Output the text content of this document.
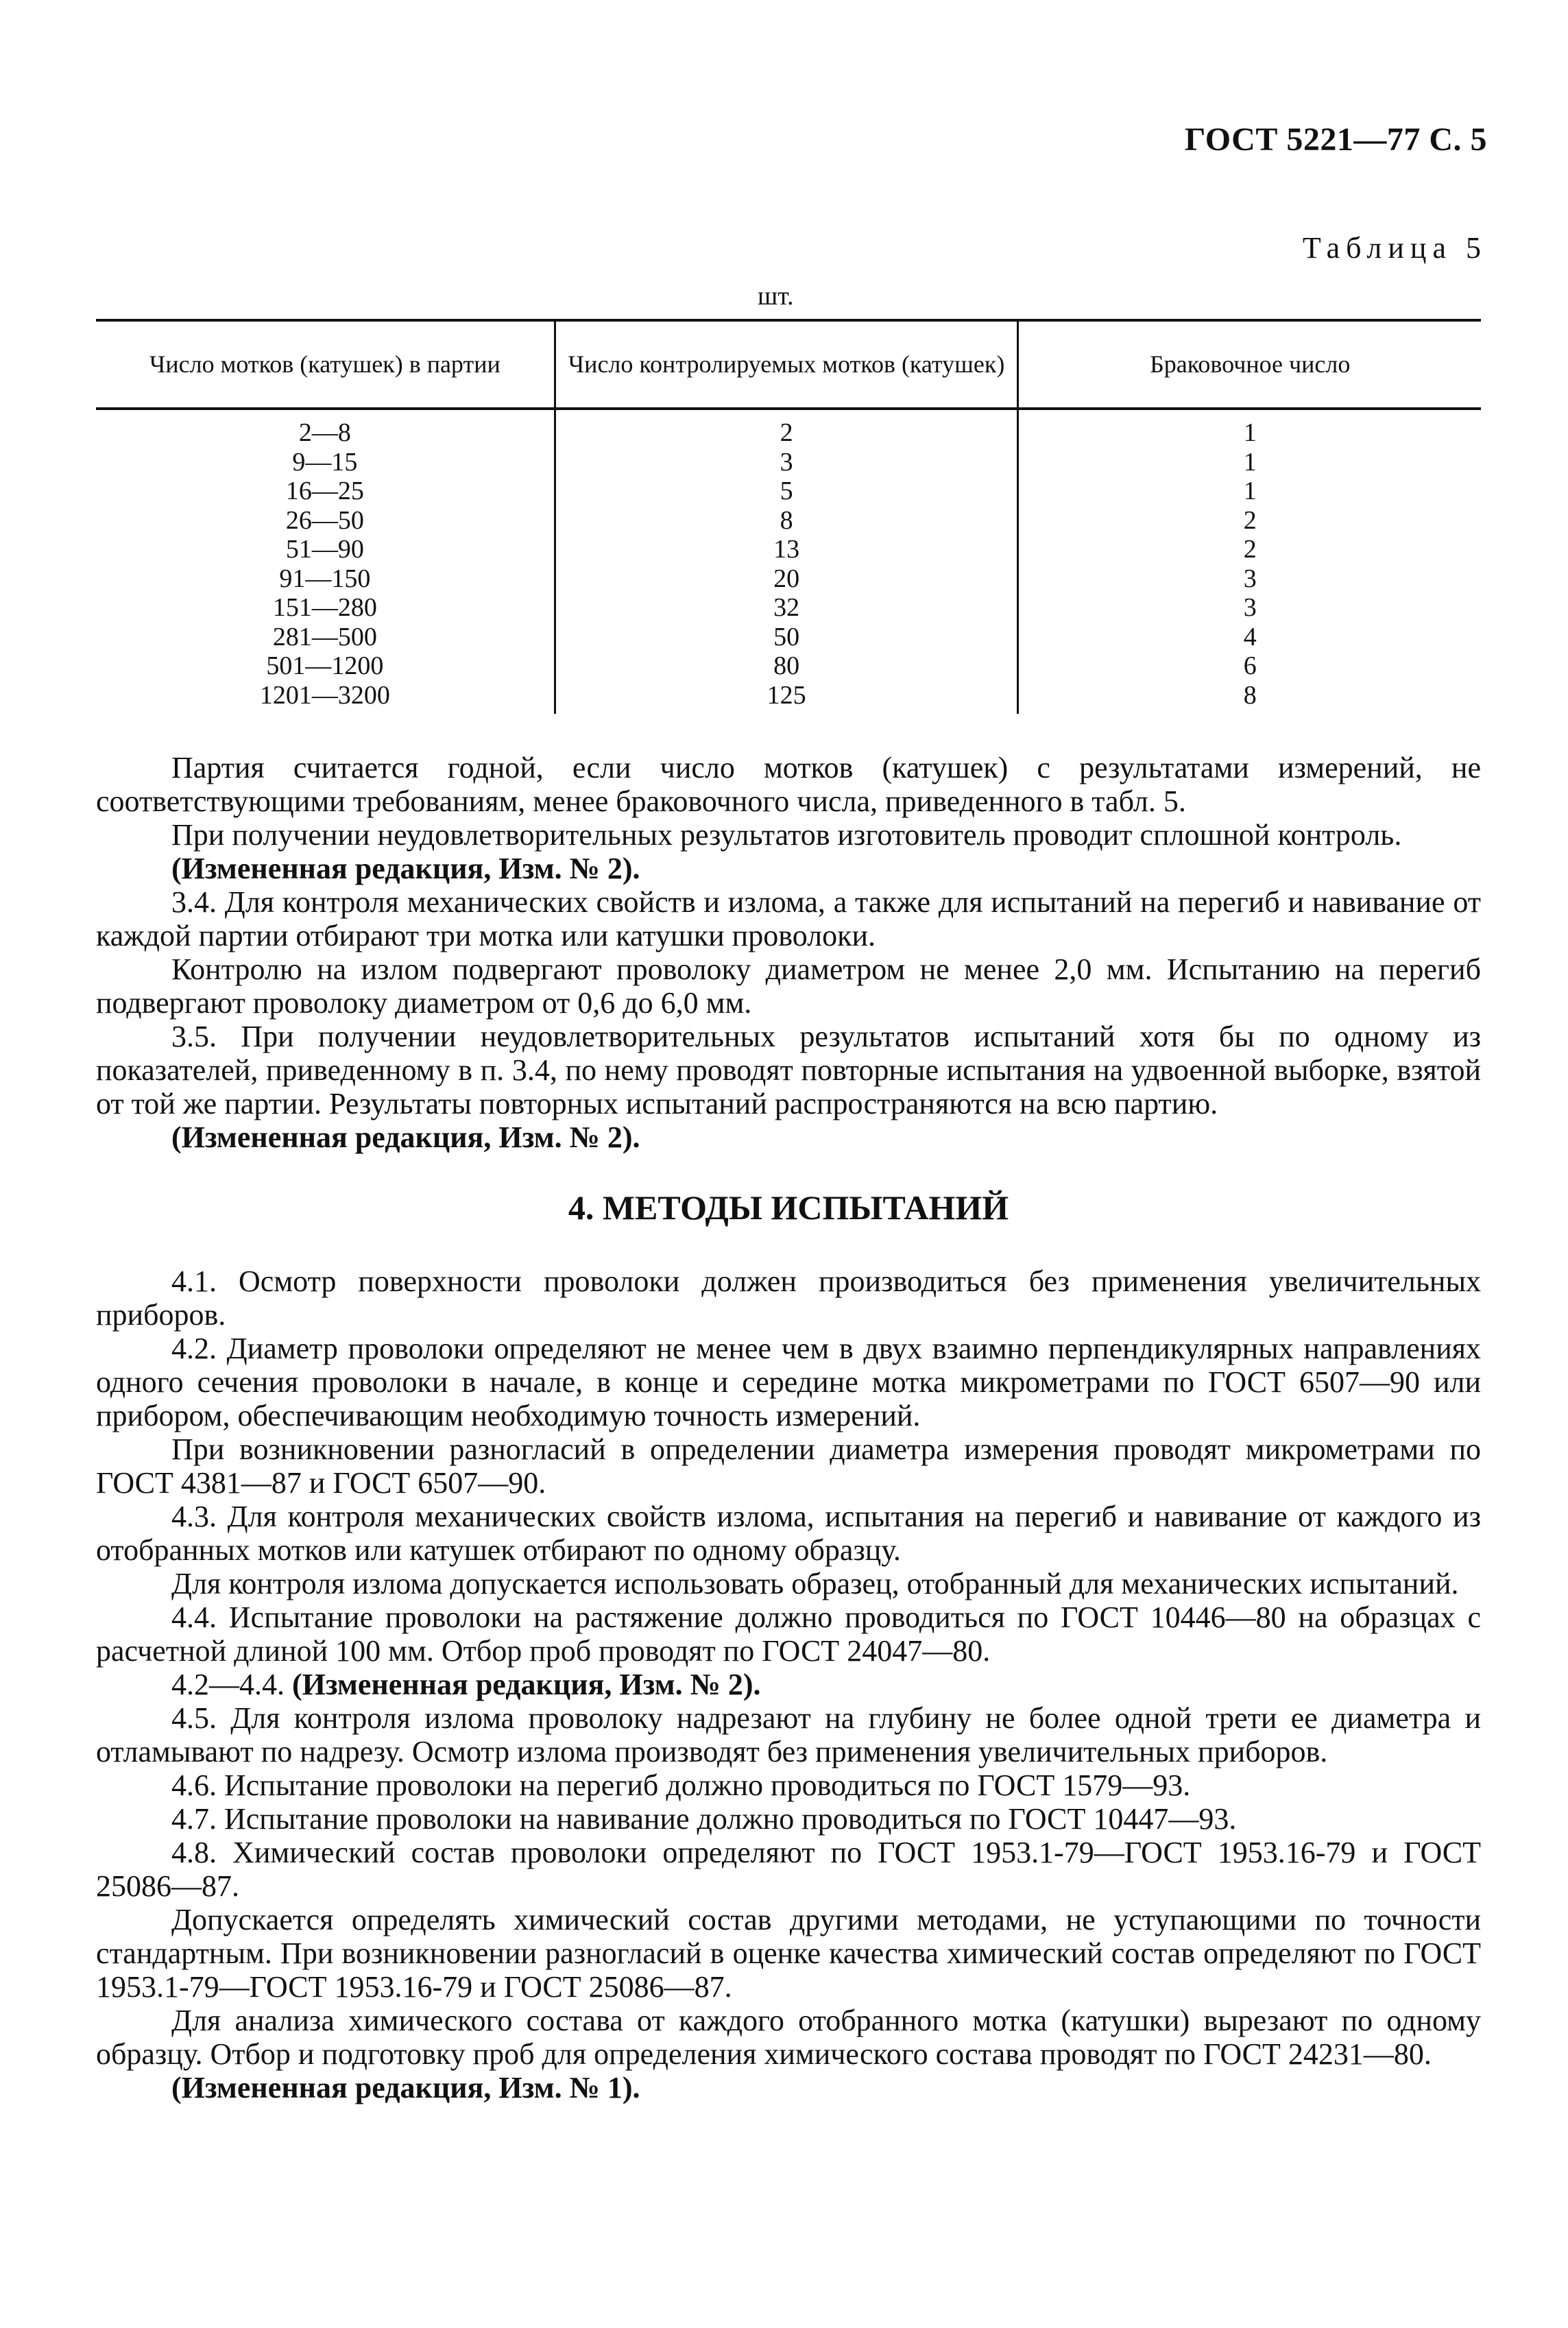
ГОСТ 5221—77 С. 5
Таблица 5
шт.
Число мотков (катушек) в партии	Число контролируемых мотков (катушек)	Браковочное число
2—8	2	1
9—15	3	1
16—25	5	1
26—50	8	2
51—90	13	2
91—150	20	3
151—280	32	3
281—500	50	4
501—1200	80	6
1201—3200	125	8

Партия считается годной, если число мотков (катушек) с результатами измерений, не соответствующими требованиям, менее браковочного числа, приведенного в табл. 5.

При получении неудовлетворительных результатов изготовитель проводит сплошной контроль.

(Измененная редакция, Изм. № 2).

3.4. Для контроля механических свойств и излома, а также для испытаний на перегиб и навивание от каждой партии отбирают три мотка или катушки проволоки.

Контролю на излом подвергают проволоку диаметром не менее 2,0 мм. Испытанию на перегиб подвергают проволоку диаметром от 0,6 до 6,0 мм.

3.5. При получении неудовлетворительных результатов испытаний хотя бы по одному из показателей, приведенному в п. 3.4, по нему проводят повторные испытания на удвоенной выборке, взятой от той же партии. Результаты повторных испытаний распространяются на всю партию.

(Измененная редакция, Изм. № 2).

4. МЕТОДЫ ИСПЫТАНИЙ

4.1. Осмотр поверхности проволоки должен производиться без применения увеличительных приборов.

4.2. Диаметр проволоки определяют не менее чем в двух взаимно перпендикулярных направлениях одного сечения проволоки в начале, в конце и середине мотка микрометрами по ГОСТ 6507—90 или прибором, обеспечивающим необходимую точность измерений.

При возникновении разногласий в определении диаметра измерения проводят микрометрами по ГОСТ 4381—87 и ГОСТ 6507—90.

4.3. Для контроля механических свойств излома, испытания на перегиб и навивание от каждого из отобранных мотков или катушек отбирают по одному образцу.

Для контроля излома допускается использовать образец, отобранный для механических испытаний.

4.4. Испытание проволоки на растяжение должно проводиться по ГОСТ 10446—80 на образцах с расчетной длиной 100 мм. Отбор проб проводят по ГОСТ 24047—80.

4.2—4.4. (Измененная редакция, Изм. № 2).

4.5. Для контроля излома проволоку надрезают на глубину не более одной трети ее диаметра и отламывают по надрезу. Осмотр излома производят без применения увеличительных приборов.

4.6. Испытание проволоки на перегиб должно проводиться по ГОСТ 1579—93.

4.7. Испытание проволоки на навивание должно проводиться по ГОСТ 10447—93.

4.8. Химический состав проволоки определяют по ГОСТ 1953.1-79—ГОСТ 1953.16-79 и ГОСТ 25086—87.

Допускается определять химический состав другими методами, не уступающими по точности стандартным. При возникновении разногласий в оценке качества химический состав определяют по ГОСТ 1953.1-79—ГОСТ 1953.16-79 и ГОСТ 25086—87.

Для анализа химического состава от каждого отобранного мотка (катушки) вырезают по одному образцу. Отбор и подготовку проб для определения химического состава проводят по ГОСТ 24231—80.

(Измененная редакция, Изм. № 1).
